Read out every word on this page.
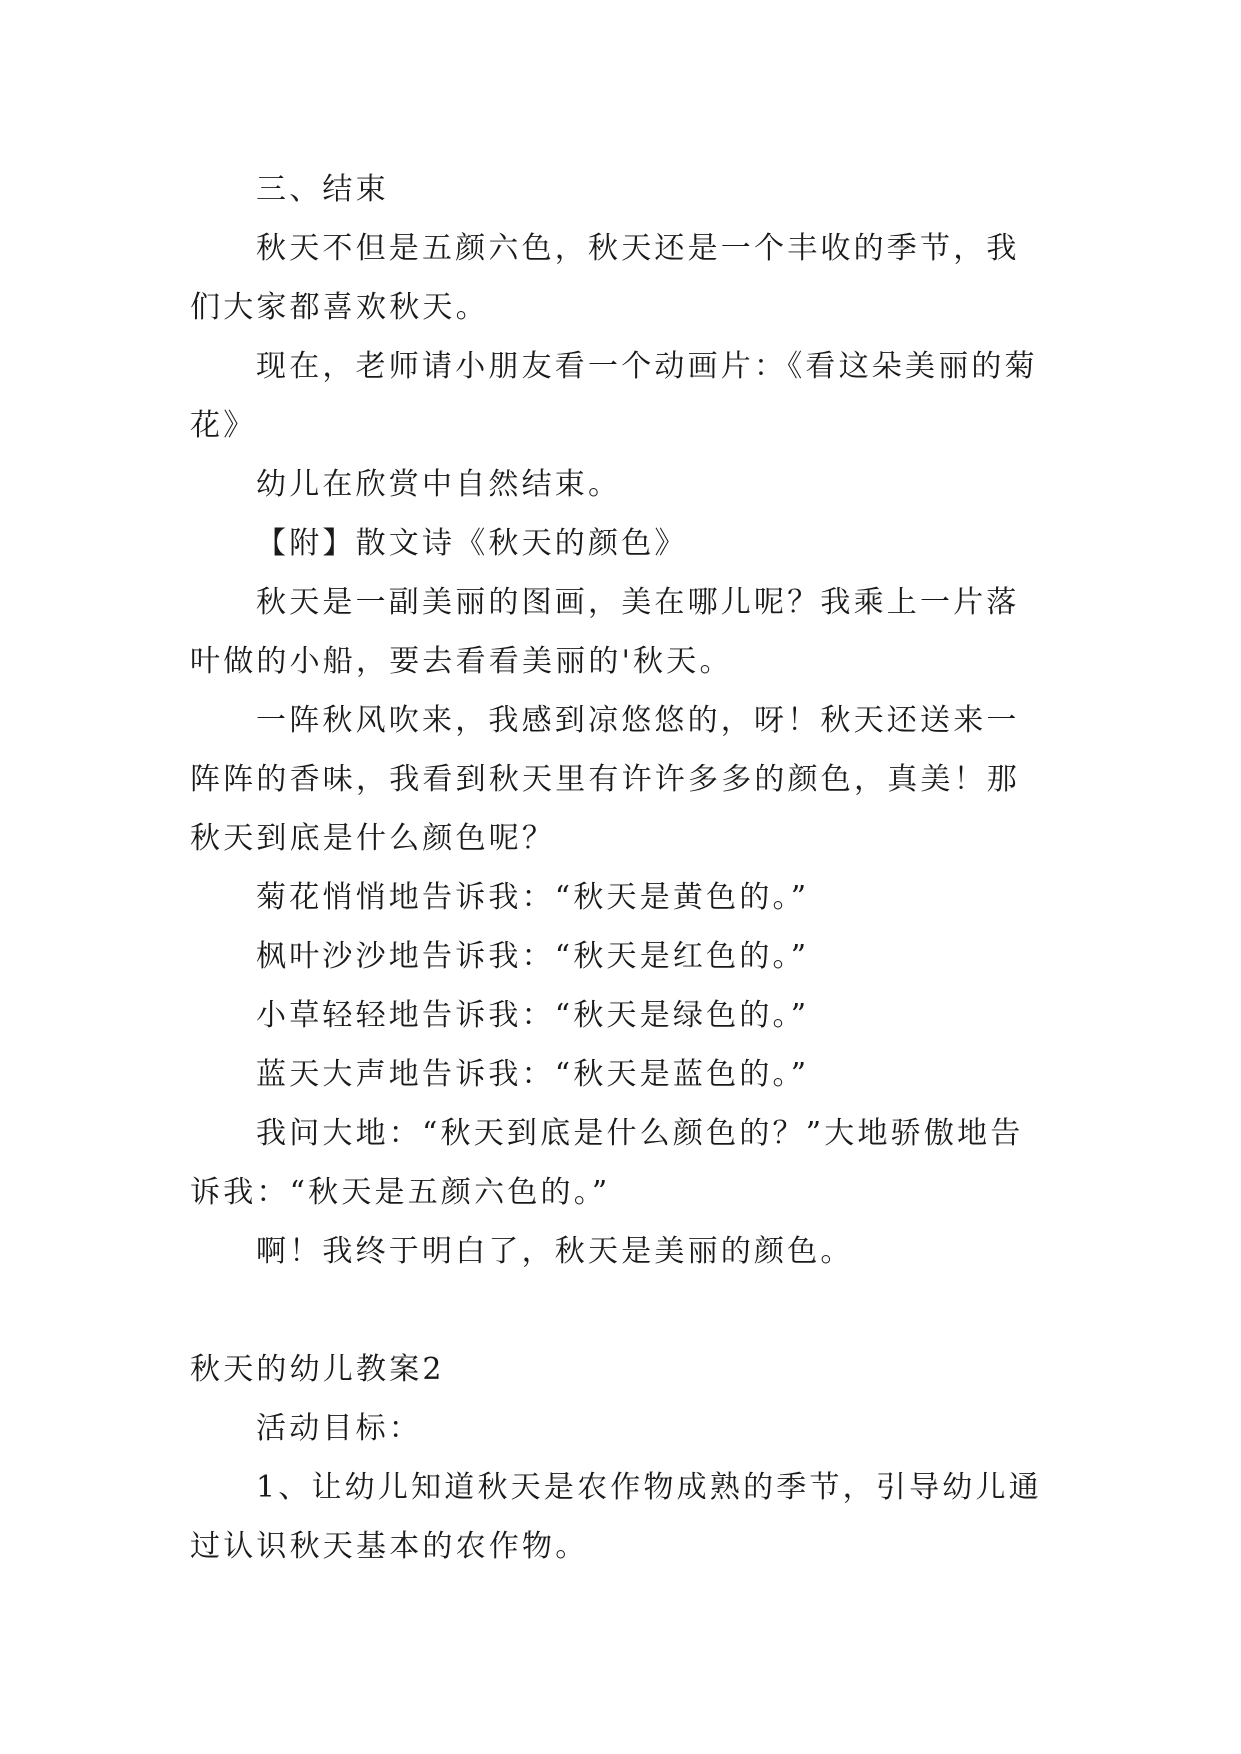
三、结束

秋天不但是五颜六色，秋天还是一个丰收的季节，我们大家都喜欢秋天。

现在，老师请小朋友看一个动画片：《看这朵美丽的菊花》

幼儿在欣赏中自然结束。

【附】散文诗《秋天的颜色》

秋天是一副美丽的图画，美在哪儿呢？我乘上一片落叶做的小船，要去看看美丽的'秋天。

一阵秋风吹来，我感到凉悠悠的，呀！秋天还送来一阵阵的香味，我看到秋天里有许许多多的颜色，真美！那秋天到底是什么颜色呢？

菊花悄悄地告诉我：“秋天是黄色的。”

枫叶沙沙地告诉我：“秋天是红色的。”

小草轻轻地告诉我：“秋天是绿色的。”

蓝天大声地告诉我：“秋天是蓝色的。”

我问大地：“秋天到底是什么颜色的？”大地骄傲地告诉我：“秋天是五颜六色的。”

啊！我终于明白了，秋天是美丽的颜色。

秋天的幼儿教案2

活动目标：

1、让幼儿知道秋天是农作物成熟的季节，引导幼儿通过认识秋天基本的农作物。
